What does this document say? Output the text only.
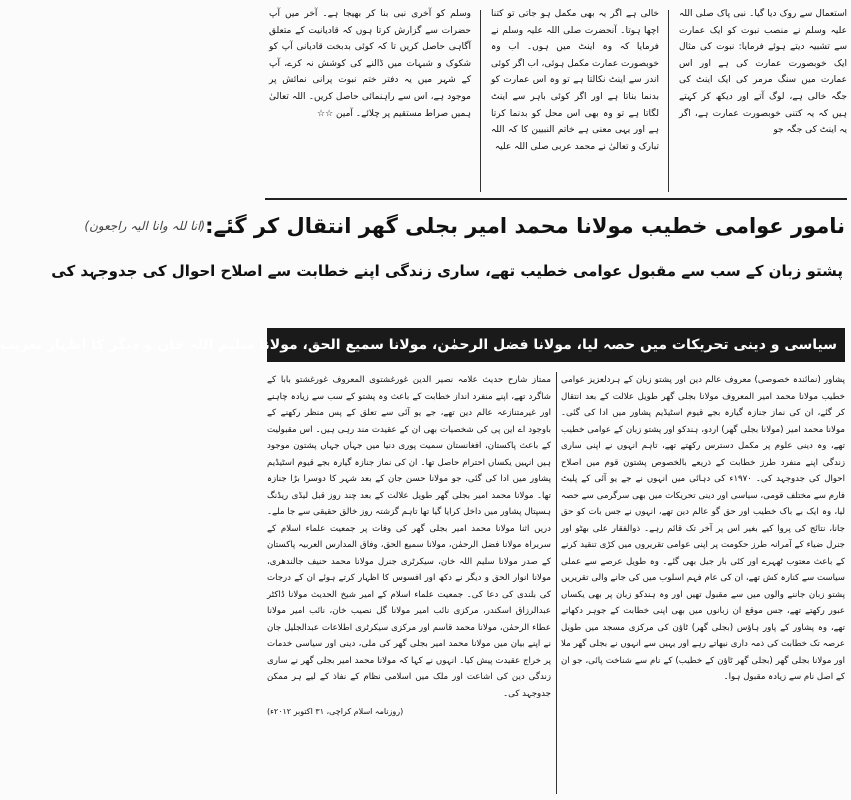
استعمال سے روک دیا گیا۔ نبی پاک صلی اللہ علیہ وسلم نے منصب نبوت کو ایک عمارت سے تشبیہ دیتے ہوئے فرمایا: نبوت کی مثال ایک خوبصورت عمارت کی ہے اور اس عمارت میں سنگ مرمر کی ایک اینٹ کی جگہ خالی ہے، لوگ آتے اور دیکھ کر کہتے ہیں کہ یہ کتنی خوبصورت عمارت ہے، اگر یہ اینٹ کی جگہ جو

خالی ہے اگر یہ بھی مکمل ہو جاتی تو کتنا اچھا ہوتا۔ آنحضرت صلی اللہ علیہ وسلم نے فرمایا کہ وہ اینٹ میں ہوں۔ اب وہ خوبصورت عمارت مکمل ہوئی، اب اگر کوئی اندر سے اینٹ نکالتا ہے تو وہ اس عمارت کو بدنما بناتا ہے اور اگر کوئی باہر سے اینٹ لگاتا ہے تو وہ بھی اس محل کو بدنما کرتا ہے اور یہی معنی ہے خاتم النبیین کا کہ اللہ تبارک و تعالیٰ نے محمد عربی صلی اللہ علیہ

وسلم کو آخری نبی بنا کر بھیجا ہے۔ آخر میں آپ حضرات سے گزارش کرتا ہوں کہ قادیانیت کے متعلق آگاہی حاصل کریں تا کہ کوئی بدبخت قادیانی آپ کو شکوک و شبہات میں ڈالنے کی کوشش نہ کرے، آپ کے شہر میں یہ دفتر ختم نبوت پرانی نمائش پر موجود ہے، اس سے راہنمائی حاصل کریں۔ اللہ تعالیٰ ہمیں صراط مستقیم پر چلائے۔ آمین ☆☆

نامور عوامی خطیب مولانا محمد امیر بجلی گھر انتقال کر گئے:
(انا للہ وانا الیہ راجعون)
پشتو زبان کے سب سے مقبول عوامی خطیب تھے، ساری زندگی اپنے خطابت سے اصلاح احوال کی جدوجہد کی
سیاسی و دینی تحریکات میں حصہ لیا، مولانا فضل الرحمٰن، مولانا سمیع الحق، مولانا سلیم اللہ خان و دیگر کا اظہار تعزیت

پشاور (نمائندہ خصوصی) معروف عالم دین اور پشتو زبان کے ہردلعزیز عوامی خطیب مولانا محمد امیر المعروف مولانا بجلی گھر طویل علالت کے بعد انتقال کر گئے، ان کی نماز جنازہ گیارہ بجے قیوم اسٹیڈیم پشاور میں ادا کی گئی۔ مولانا محمد امیر (مولانا بجلی گھر) اردو، ہندکو اور پشتو زبان کے عوامی خطیب تھے، وہ دینی علوم پر مکمل دسترس رکھتے تھے، تاہم انہوں نے اپنی ساری زندگی اپنے منفرد طرز خطابت کے ذریعے بالخصوص پشتون قوم میں اصلاح احوال کی جدوجہد کی۔ ۱۹۷۰ء کی دہائی میں انہوں نے جے یو آئی کے پلیٹ فارم سے مختلف قومی، سیاسی اور دینی تحریکات میں بھی سرگرمی سے حصہ لیا، وہ ایک بے باک خطیب اور حق گو عالم دین تھے، انہوں نے جس بات کو حق جانا، نتائج کی پروا کیے بغیر اس پر آخر تک قائم رہے۔ ذوالفقار علی بھٹو اور جنرل ضیاء کے آمرانہ طرز حکومت پر اپنی عوامی تقریروں میں کڑی تنقید کرنے کے باعث معتوب ٹھہرے اور کئی بار جیل بھی گئے۔ وہ طویل عرصے سے عملی سیاست سے کنارہ کش تھے، ان کی عام فہم اسلوب میں کی جانے والی تقریریں پشتو زبان جاننے والوں میں سے مقبول تھیں اور وہ ہندکو زبان پر بھی یکساں عبور رکھتے تھے، جس موقع ان زبانوں میں بھی اپنی خطابت کے جوہر دکھاتے تھے، وہ پشاور کے پاور ہاؤس (بجلی گھر) ٹاؤن کی مرکزی مسجد میں طویل عرصہ تک خطابت کی ذمہ داری نبھاتے رہے اور یہیں سے انہوں نے بجلی گھر ملا اور مولانا بجلی گھر (بجلی گھر ٹاؤن کے خطیب) کے نام سے شناخت پائی، جو ان کے اصل نام سے زیادہ مقبول ہوا۔

ممتاز شارح حدیث علامہ نصیر الدین غورغشتوی المعروف غورغشتو بابا کے شاگرد تھے، اپنے منفرد انداز خطابت کے باعث وہ پشتو کے سب سے زیادہ چاہنے اور غیرمتنازعہ عالم دین تھے، جے یو آئی سے تعلق کے پس منظر رکھنے کے باوجود اے این پی کی شخصیات بھی ان کے عقیدت مند رہی ہیں۔ اس مقبولیت کے باعث پاکستان، افغانستان سمیت پوری دنیا میں جہاں جہاں پشتون موجود ہیں انہیں یکساں احترام حاصل تھا۔ ان کی نماز جنازہ گیارہ بجے قیوم اسٹیڈیم پشاور میں ادا کی گئی، جو مولانا حسن جان کے بعد شہر کا دوسرا بڑا جنازہ تھا۔ مولانا محمد امیر بجلی گھر طویل علالت کے بعد چند روز قبل لیڈی ریڈنگ ہسپتال پشاور میں داخل کرایا گیا تھا تاہم گزشتہ روز خالق حقیقی سے جا ملے۔ دریں اثنا مولانا محمد امیر بجلی گھر کی وفات پر جمعیت علماء اسلام کے سربراہ مولانا فضل الرحمٰن، مولانا سمیع الحق، وفاق المدارس العربیہ پاکستان کے صدر مولانا سلیم اللہ خان، سیکرٹری جنرل مولانا محمد حنیف جالندھری، مولانا انوار الحق و دیگر نے دکھ اور افسوس کا اظہار کرتے ہوئے ان کے درجات کی بلندی کی دعا کی۔ جمعیت علماء اسلام کے امیر شیخ الحدیث مولانا ڈاکٹر عبدالرزاق اسکندر، مرکزی نائب امیر مولانا گل نصیب خان، نائب امیر مولانا عطاء الرحمٰن، مولانا محمد قاسم اور مرکزی سیکرٹری اطلاعات عبدالجلیل جان نے اپنے بیان میں مولانا محمد امیر بجلی گھر کی ملی، دینی اور سیاسی خدمات پر خراج عقیدت پیش کیا۔ انہوں نے کہا کہ مولانا محمد امیر بجلی گھر نے ساری زندگی دین کی اشاعت اور ملک میں اسلامی نظام کے نفاذ کے لیے ہر ممکن جدوجہد کی۔

(روزنامہ اسلام کراچی، ۳۱ اکتوبر ۲۰۱۲ء)
